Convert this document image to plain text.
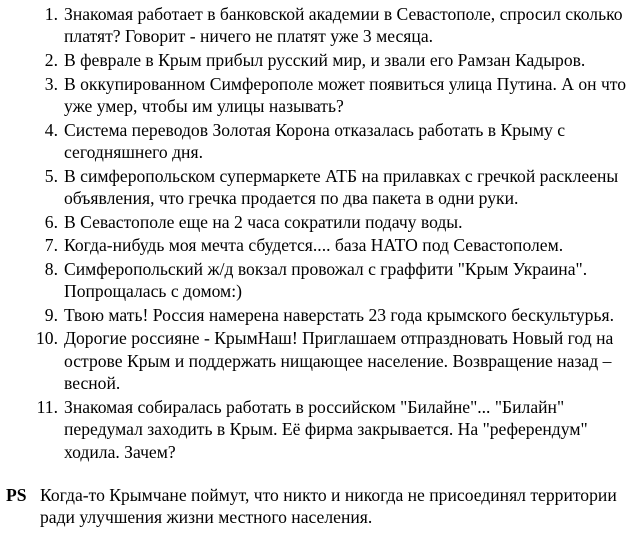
1. Знакомая работает в банковской академии в Севастополе, спросил сколько платят? Говорит - ничего не платят уже 3 месяца.
2. В феврале в Крым прибыл русский мир, и звали его Рамзан Кадыров.
3. В оккупированном Симферополе может появиться улица Путина. А он что уже умер, чтобы им улицы называть?
4. Система переводов Золотая Корона отказалась работать в Крыму с сегодняшнего дня.
5. В симферопольском супермаркете АТБ на прилавках с гречкой расклеены объявления, что гречка продается по два пакета в одни руки.
6. В Севастополе еще на 2 часа сократили подачу воды.
7. Когда-нибудь моя мечта сбудется.... база НАТО под Севастополем.
8. Симферопольский ж/д вокзал провожал с граффити "Крым Украина". Попрощалась с домом:)
9. Твою мать! Россия намерена наверстать 23 года крымского бескультурья.
10. Дорогие россияне - КрымНаш! Приглашаем отпраздновать Новый год на острове Крым и поддержать нищающее население. Возвращение назад – весной.
11. Знакомая собиралась работать в российском "Билайне"... "Билайн" передумал заходить в Крым. Её фирма закрывается. На "референдум" ходила. Зачем?
PS Когда-то Крымчане поймут, что никто и никогда не присоединял территории ради улучшения жизни местного населения.
